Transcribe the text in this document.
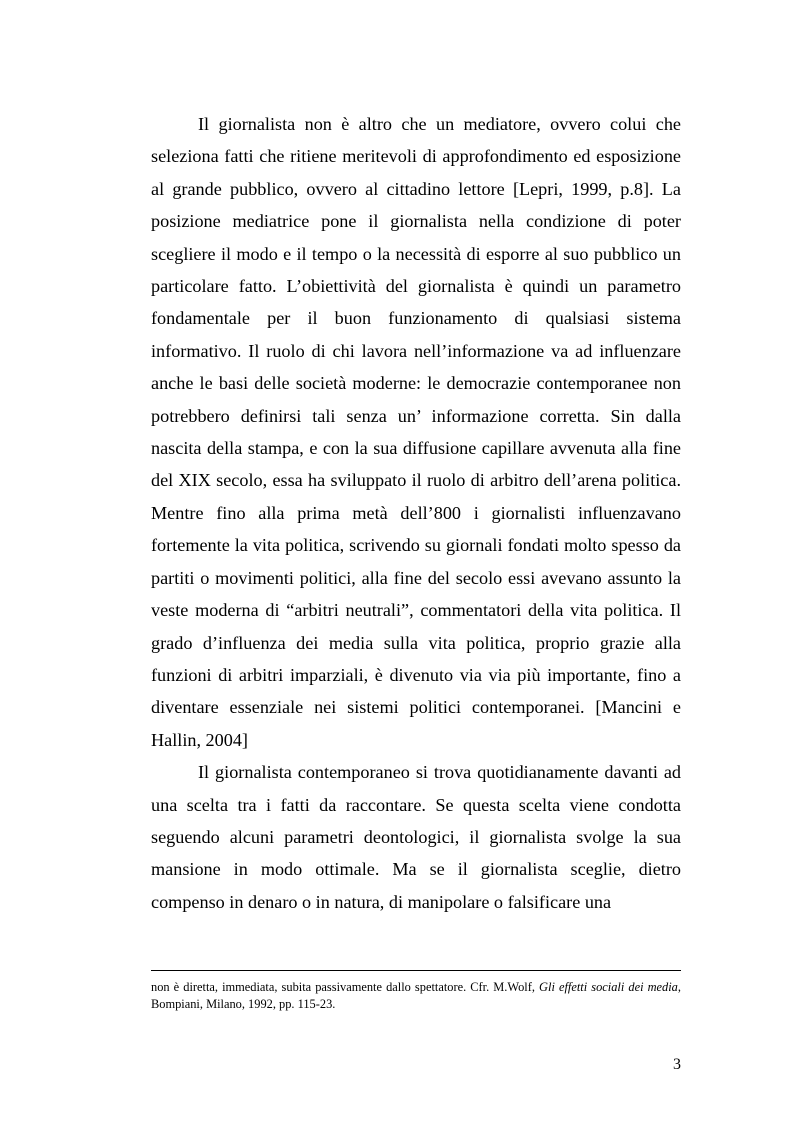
Il giornalista non è altro che un mediatore, ovvero colui che seleziona fatti che ritiene meritevoli di approfondimento ed esposizione al grande pubblico, ovvero al cittadino lettore [Lepri, 1999, p.8]. La posizione mediatrice pone il giornalista nella condizione di poter scegliere il modo e il tempo o la necessità di esporre al suo pubblico un particolare fatto. L’obiettività del giornalista è quindi un parametro fondamentale per il buon funzionamento di qualsiasi sistema informativo. Il ruolo di chi lavora nell’informazione va ad influenzare anche le basi delle società moderne: le democrazie contemporanee non potrebbero definirsi tali senza un’ informazione corretta. Sin dalla nascita della stampa, e con la sua diffusione capillare avvenuta alla fine del XIX secolo, essa ha sviluppato il ruolo di arbitro dell’arena politica. Mentre fino alla prima metà dell’800 i giornalisti influenzavano fortemente la vita politica, scrivendo su giornali fondati molto spesso da partiti o movimenti politici, alla fine del secolo essi avevano assunto la veste moderna di “arbitri neutrali”, commentatori della vita politica. Il grado d’influenza dei media sulla vita politica, proprio grazie alla funzioni di arbitri imparziali, è divenuto via via più importante, fino a diventare essenziale nei sistemi politici contemporanei. [Mancini e Hallin, 2004]

Il giornalista contemporaneo si trova quotidianamente davanti ad una scelta tra i fatti da raccontare. Se questa scelta viene condotta seguendo alcuni parametri deontologici, il giornalista svolge la sua mansione in modo ottimale. Ma se il giornalista sceglie, dietro compenso in denaro o in natura, di manipolare o falsificare una

non è diretta, immediata, subita passivamente dallo spettatore. Cfr. M.Wolf, Gli effetti sociali dei media, Bompiani, Milano, 1992, pp. 115-23.

3
